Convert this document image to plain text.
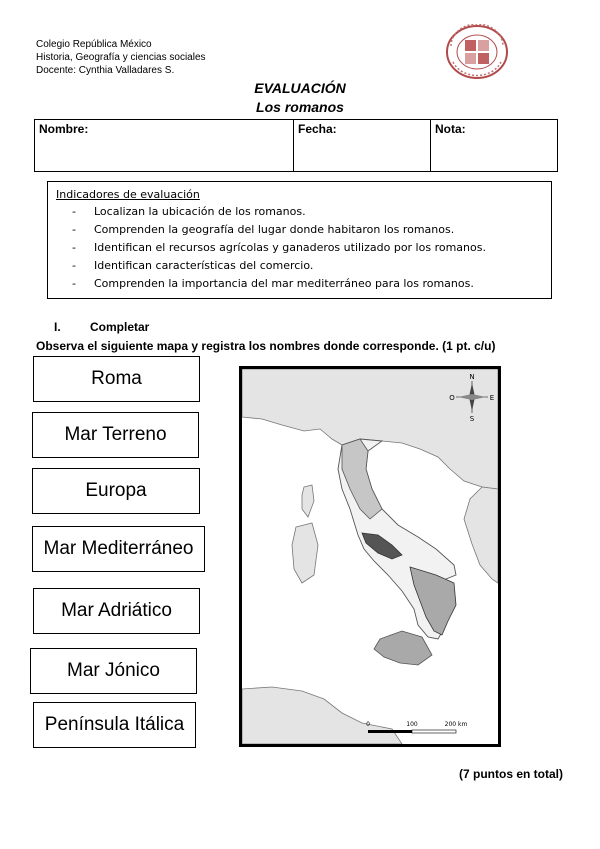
Colegio República México
Historia, Geografía y ciencias sociales
Docente: Cynthia Valladares S.
EVALUACIÓN
Los romanos
Nombre:	Fecha:	Nota:
Indicadores de evaluación
- Localizan la ubicación de los romanos.
- Comprenden la geografía del lugar donde habitaron los romanos.
- Identifican el recursos agrícolas y ganaderos utilizado por los romanos.
- Identifican características del comercio.
- Comprenden la importancia del mar mediterráneo para los romanos.
I. Completar
Observa el siguiente mapa y registra los nombres donde corresponde. (1 pt. c/u)
Roma
Mar Terreno
Europa
Mar Mediterráneo
Mar Adriático
Mar Jónico
Península Itálica
N
S
E
O
0	100	200 km
(7 puntos en total)
